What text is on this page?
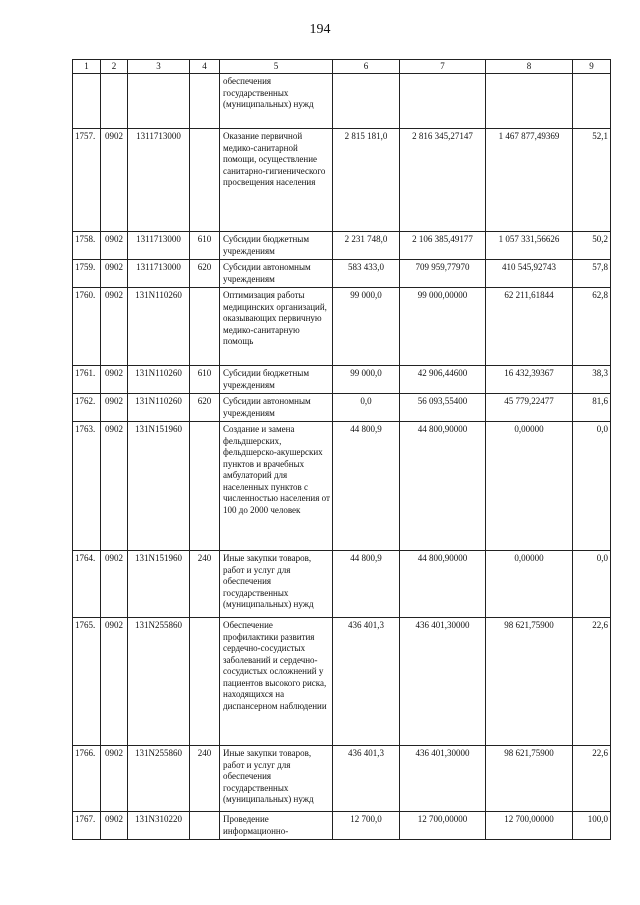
194
1	2	3	4	5	6	7	8	9
				обеспечения государственных (муниципальных) нужд				
1757.	0902	1311713000		Оказание первичной медико-санитарной помощи, осуществление санитарно-гигиенического просвещения населения	2 815 181,0	2 816 345,27147	1 467 877,49369	52,1
1758.	0902	1311713000	610	Субсидии бюджетным учреждениям	2 231 748,0	2 106 385,49177	1 057 331,56626	50,2
1759.	0902	1311713000	620	Субсидии автономным учреждениям	583 433,0	709 959,77970	410 545,92743	57,8
1760.	0902	131N110260		Оптимизация работы медицинских организаций, оказывающих первичную медико-санитарную помощь	99 000,0	99 000,00000	62 211,61844	62,8
1761.	0902	131N110260	610	Субсидии бюджетным учреждениям	99 000,0	42 906,44600	16 432,39367	38,3
1762.	0902	131N110260	620	Субсидии автономным учреждениям	0,0	56 093,55400	45 779,22477	81,6
1763.	0902	131N151960		Создание и замена фельдшерских, фельдшерско-акушерских пунктов и врачебных амбулаторий для населенных пунктов с численностью населения от 100 до 2000 человек	44 800,9	44 800,90000	0,00000	0,0
1764.	0902	131N151960	240	Иные закупки товаров, работ и услуг для обеспечения государственных (муниципальных) нужд	44 800,9	44 800,90000	0,00000	0,0
1765.	0902	131N255860		Обеспечение профилактики развития сердечно-сосудистых заболеваний и сердечно-сосудистых осложнений у пациентов высокого риска, находящихся на диспансерном наблюдении	436 401,3	436 401,30000	98 621,75900	22,6
1766.	0902	131N255860	240	Иные закупки товаров, работ и услуг для обеспечения государственных (муниципальных) нужд	436 401,3	436 401,30000	98 621,75900	22,6
1767.	0902	131N310220		Проведение информационно-	12 700,0	12 700,00000	12 700,00000	100,0
